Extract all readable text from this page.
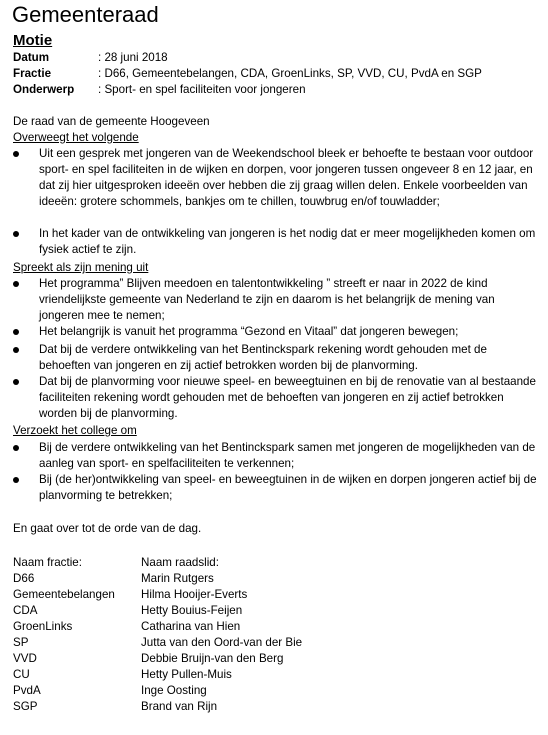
Gemeenteraad
Motie
Datum	: 28 juni 2018
Fractie	: D66, Gemeentebelangen, CDA, GroenLinks, SP, VVD, CU, PvdA en SGP
Onderwerp : Sport- en spel faciliteiten voor jongeren
De raad van de gemeente Hoogeveen
Overweegt het volgende
Uit een gesprek met jongeren van de Weekendschool bleek er behoefte te bestaan voor outdoor sport- en spel faciliteiten in de wijken en dorpen, voor jongeren tussen ongeveer 8 en 12 jaar, en dat zij hier uitgesproken ideeën over hebben die zij graag willen delen. Enkele voorbeelden van ideeën: grotere schommels, bankjes om te chillen, touwbrug en/of touwladder;
In het kader van de ontwikkeling van jongeren is het nodig dat er meer mogelijkheden komen om fysiek actief te zijn.
Spreekt als zijn mening uit
Het programma” Blijven meedoen en talentontwikkeling ” streeft er naar in 2022 de kind vriendelijkste gemeente van Nederland te zijn en daarom is het belangrijk de mening van jongeren mee te nemen;
Het belangrijk is vanuit het programma “Gezond en Vitaal” dat jongeren bewegen;
Dat bij de verdere ontwikkeling van het Bentinckspark rekening wordt gehouden met de behoeften van jongeren en zij actief betrokken worden bij de planvorming.
Dat bij de planvorming voor nieuwe speel- en beweegtuinen en bij de renovatie van al bestaande faciliteiten rekening wordt gehouden met de behoeften van jongeren en zij actief betrokken worden bij de planvorming.
Verzoekt het college om
Bij de verdere ontwikkeling van het Bentinckspark samen met jongeren de mogelijkheden van de aanleg van sport- en spelfaciliteiten te verkennen;
Bij (de her)ontwikkeling van speel- en beweegtuinen in de wijken en dorpen jongeren actief bij de planvorming te betrekken;
En gaat over tot de orde van de dag.
Naam fractie:	Naam raadslid:
D66	Marin Rutgers
Gemeentebelangen Hilma Hooijer-Everts
CDA	Hetty Bouius-Feijen
GroenLinks	Catharina van Hien
SP	Jutta van den Oord-van der Bie
VVD	Debbie Bruijn-van den Berg
CU	Hetty Pullen-Muis
PvdA	Inge Oosting
SGP	Brand van Rijn
